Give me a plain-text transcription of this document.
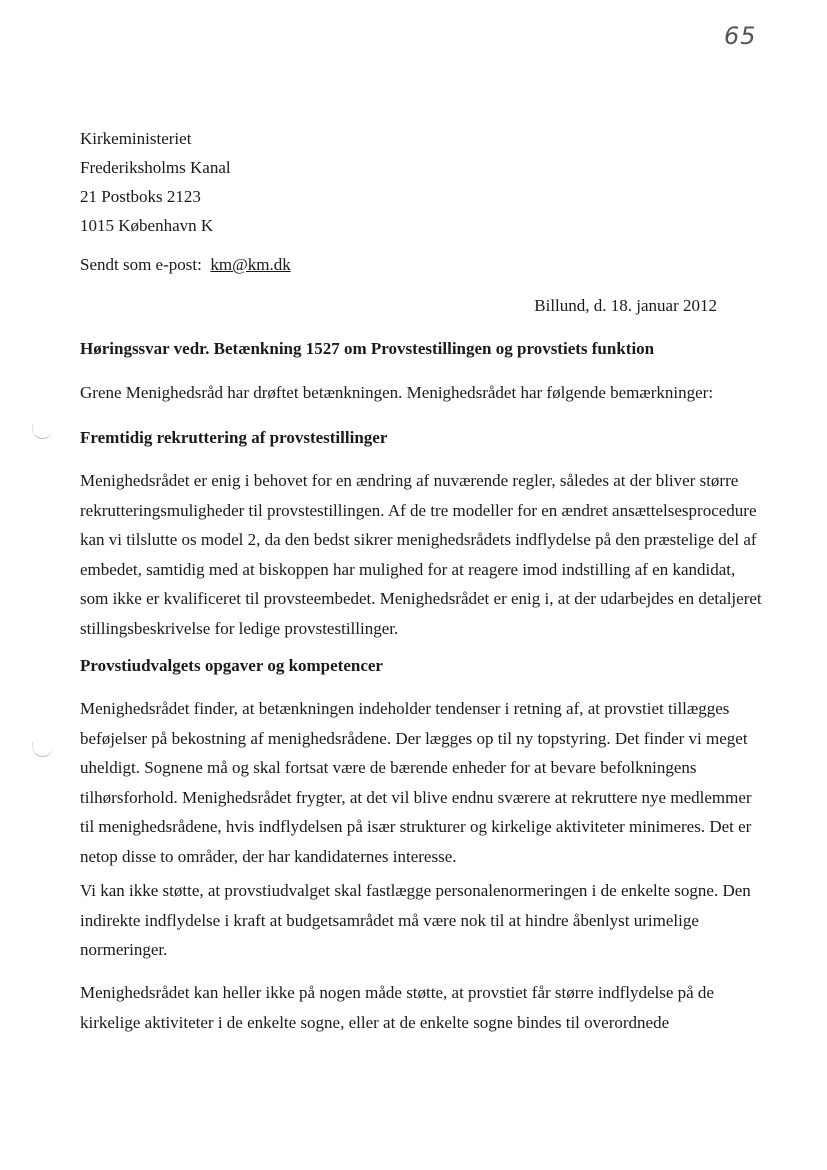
65
Kirkeministeriet
Frederiksholms Kanal
21 Postboks 2123
1015 København K
Sendt som e-post: km@km.dk
Billund, d. 18. januar 2012
Høringssvar vedr. Betænkning 1527 om Provstestillingen og provstiets funktion
Grene Menighedsråd har drøftet betænkningen. Menighedsrådet har følgende bemærkninger:
Fremtidig rekruttering af provstestillinger
Menighedsrådet er enig i behovet for en ændring af nuværende regler, således at der bliver større
rekrutteringsmuligheder til provstestillingen. Af de tre modeller for en ændret ansættelsesprocedure
kan vi tilslutte os model 2, da den bedst sikrer menighedsrådets indflydelse på den præstelige del af
embedet, samtidig med at biskoppen har mulighed for at reagere imod indstilling af en kandidat,
som ikke er kvalificeret til provsteembedet. Menighedsrådet er enig i, at der udarbejdes en detaljeret
stillingsbeskrivelse for ledige provstestillinger.
Provstiudvalgets opgaver og kompetencer
Menighedsrådet finder, at betænkningen indeholder tendenser i retning af, at provstiet tillægges
beføjelser på bekostning af menighedsrådene. Der lægges op til ny topstyring. Det finder vi meget
uheldigt. Sognene må og skal fortsat være de bærende enheder for at bevare befolkningens
tilhørsforhold. Menighedsrådet frygter, at det vil blive endnu sværere at rekruttere nye medlemmer
til menighedsrådene, hvis indflydelsen på især strukturer og kirkelige aktiviteter minimeres. Det er
netop disse to områder, der har kandidaternes interesse.
Vi kan ikke støtte, at provstiudvalget skal fastlægge personalenormeringen i de enkelte sogne. Den
indirekte indflydelse i kraft at budgetsamrådet må være nok til at hindre åbenlyst urimelige
normeringer.
Menighedsrådet kan heller ikke på nogen måde støtte, at provstiet får større indflydelse på de
kirkelige aktiviteter i de enkelte sogne, eller at de enkelte sogne bindes til overordnede
